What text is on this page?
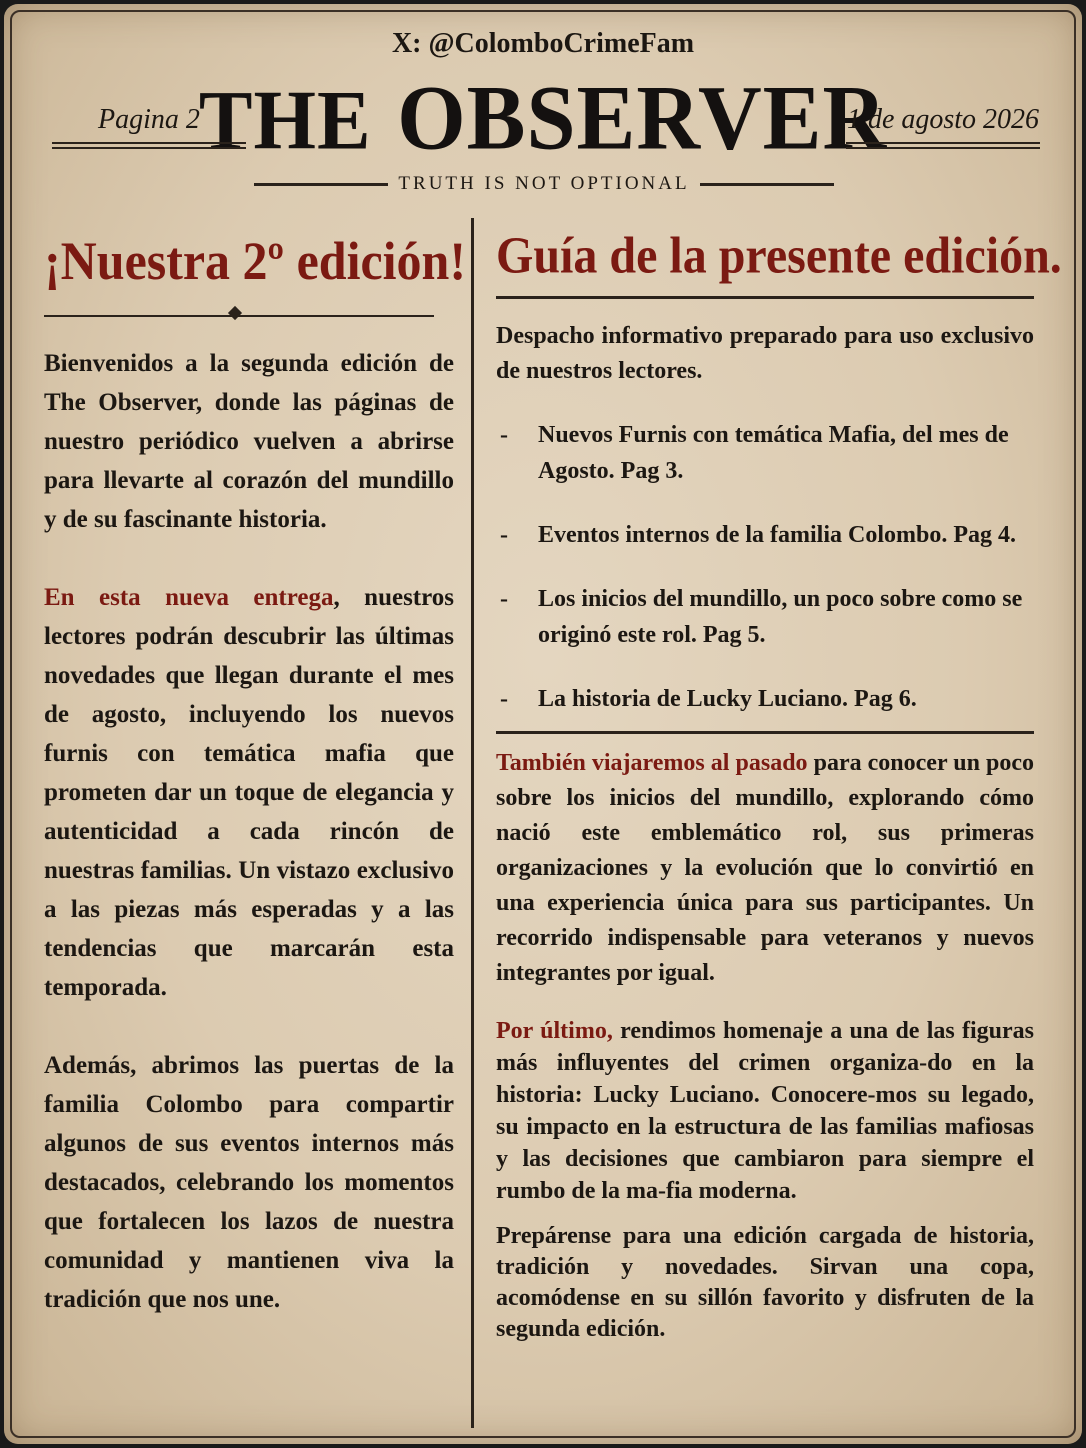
X: @ColomboCrimeFam
THE OBSERVER
Pagina 2	1 de agosto 2026
TRUTH IS NOT OPTIONAL
¡Nuestra 2º edición!

Bienvenidos a la segunda edición de The Observer, donde las páginas de nuestro periódico vuelven a abrirse para llevarte al corazón del mundillo y de su fascinante historia.

En esta nueva entrega, nuestros lectores podrán descubrir las últimas novedades que llegan durante el mes de agosto, incluyendo los nuevos furnis con temática mafia que prometen dar un toque de elegancia y autenticidad a cada rincón de nuestras familias. Un vistazo exclusivo a las piezas más esperadas y a las tendencias que marcarán esta temporada.

Además, abrimos las puertas de la familia Colombo para compartir algunos de sus eventos internos más destacados, celebrando los momentos que fortalecen los lazos de nuestra comunidad y mantienen viva la tradición que nos une.

Guía de la presente edición.

Despacho informativo preparado para uso exclusivo de nuestros lectores.

- Nuevos Furnis con temática Mafia, del mes de Agosto. Pag 3.
- Eventos internos de la familia Colombo. Pag 4.
- Los inicios del mundillo, un poco sobre como se originó este rol. Pag 5.
- La historia de Lucky Luciano. Pag 6.

También viajaremos al pasado para conocer un poco sobre los inicios del mundillo, explorando cómo nació este emblemático rol, sus primeras organizaciones y la evolución que lo convirtió en una experiencia única para sus participantes. Un recorrido indispensable para veteranos y nuevos integrantes por igual.

Por último, rendimos homenaje a una de las figuras más influyentes del crimen organiza-do en la historia: Lucky Luciano. Conocere-mos su legado, su impacto en la estructura de las familias mafiosas y las decisiones que cambiaron para siempre el rumbo de la ma-fia moderna.

Prepárense para una edición cargada de historia, tradición y novedades. Sirvan una copa, acomódense en su sillón favorito y disfruten de la segunda edición.
